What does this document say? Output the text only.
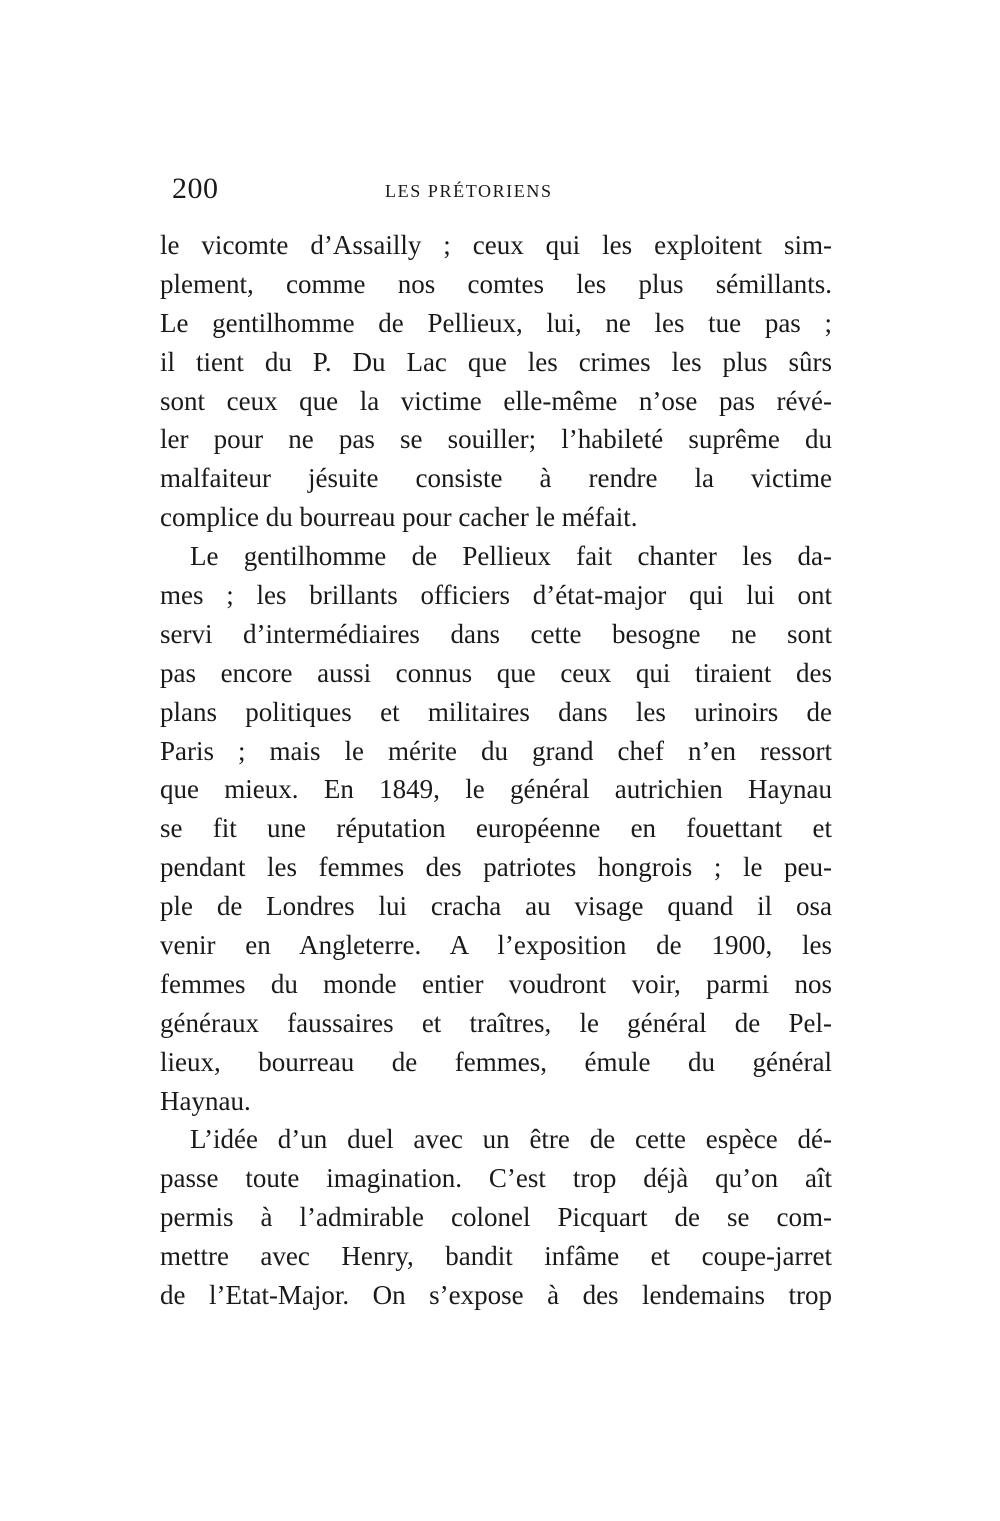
200	LES PRÉTORIENS
le vicomte d’Assailly ; ceux qui les exploitent sim-
plement, comme nos comtes les plus sémillants.
Le gentilhomme de Pellieux, lui, ne les tue pas ;
il tient du P. Du Lac que les crimes les plus sûrs
sont ceux que la victime elle-même n’ose pas révé-
ler pour ne pas se souiller; l’habileté suprême du
malfaiteur jésuite consiste à rendre la victime
complice du bourreau pour cacher le méfait.
Le gentilhomme de Pellieux fait chanter les da-
mes ; les brillants officiers d’état-major qui lui ont
servi d’intermédiaires dans cette besogne ne sont
pas encore aussi connus que ceux qui tiraient des
plans politiques et militaires dans les urinoirs de
Paris ; mais le mérite du grand chef n’en ressort
que mieux. En 1849, le général autrichien Haynau
se fit une réputation européenne en fouettant et
pendant les femmes des patriotes hongrois ; le peu-
ple de Londres lui cracha au visage quand il osa
venir en Angleterre. A l’exposition de 1900, les
femmes du monde entier voudront voir, parmi nos
généraux faussaires et traîtres, le général de Pel-
lieux, bourreau de femmes, émule du général
Haynau.
L’idée d’un duel avec un être de cette espèce dé-
passe toute imagination. C’est trop déjà qu’on aît
permis à l’admirable colonel Picquart de se com-
mettre avec Henry, bandit infâme et coupe-jarret
de l’Etat-Major. On s’expose à des lendemains trop
